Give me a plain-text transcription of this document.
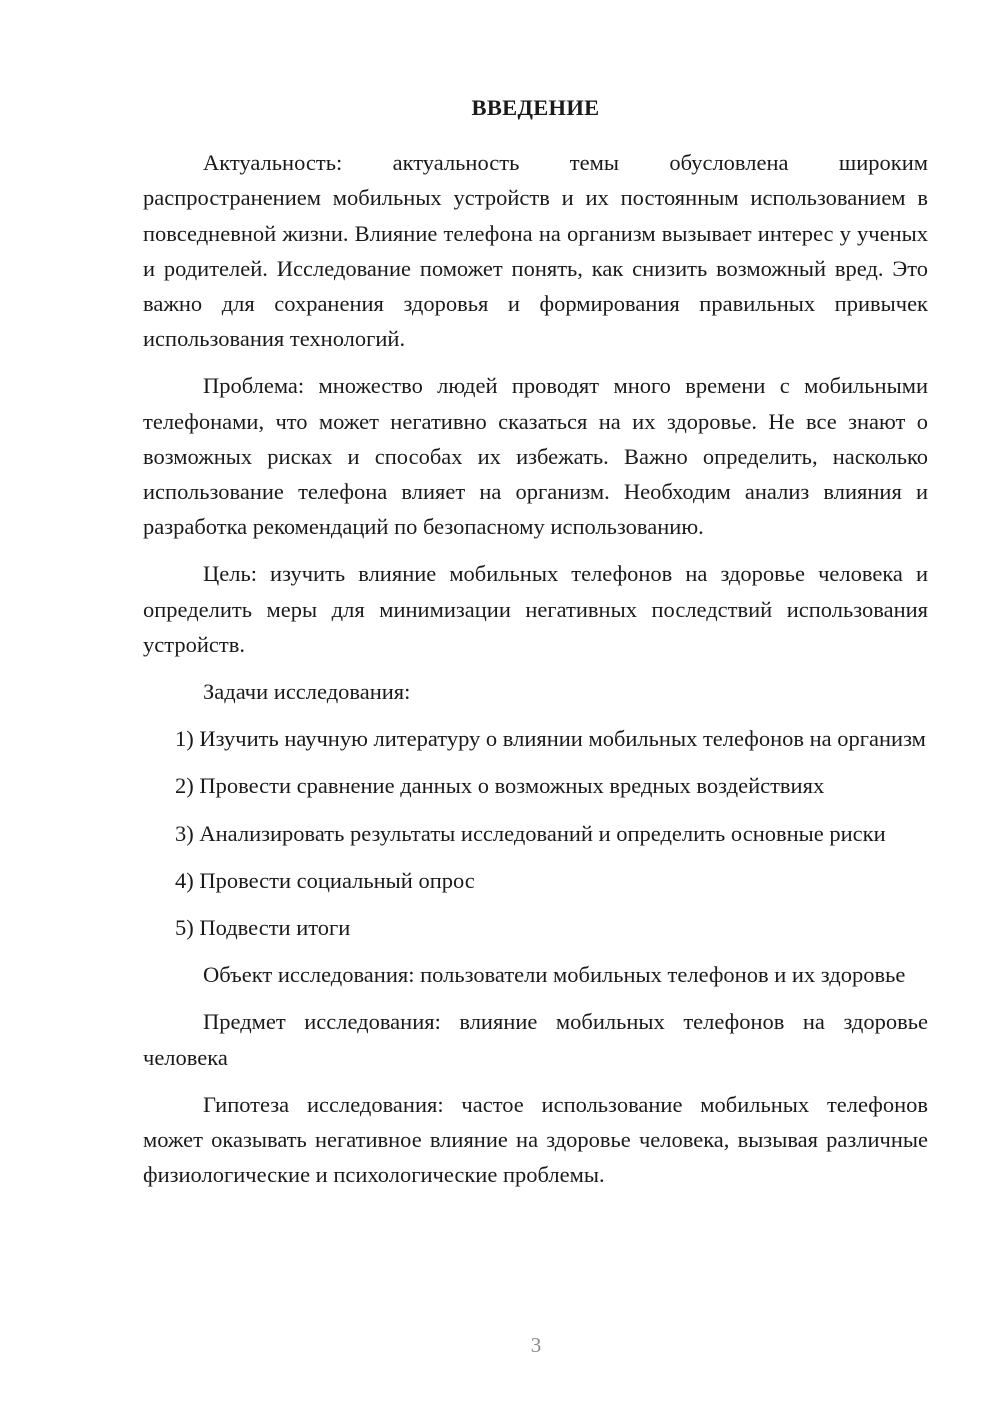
ВВЕДЕНИЕ

Актуальность: актуальность темы обусловлена широким распространением мобильных устройств и их постоянным использованием в повседневной жизни. Влияние телефона на организм вызывает интерес у ученых и родителей. Исследование поможет понять, как снизить возможный вред. Это важно для сохранения здоровья и формирования правильных привычек использования технологий.

Проблема: множество людей проводят много времени с мобильными телефонами, что может негативно сказаться на их здоровье. Не все знают о возможных рисках и способах их избежать. Важно определить, насколько использование телефона влияет на организм. Необходим анализ влияния и разработка рекомендаций по безопасному использованию.

Цель: изучить влияние мобильных телефонов на здоровье человека и определить меры для минимизации негативных последствий использования устройств.

Задачи исследования:

1) Изучить научную литературу о влиянии мобильных телефонов на организм

2) Провести сравнение данных о возможных вредных воздействиях

3) Анализировать результаты исследований и определить основные риски

4) Провести социальный опрос

5) Подвести итоги

Объект исследования: пользователи мобильных телефонов и их здоровье

Предмет исследования: влияние мобильных телефонов на здоровье человека

Гипотеза исследования: частое использование мобильных телефонов может оказывать негативное влияние на здоровье человека, вызывая различные физиологические и психологические проблемы.

3
